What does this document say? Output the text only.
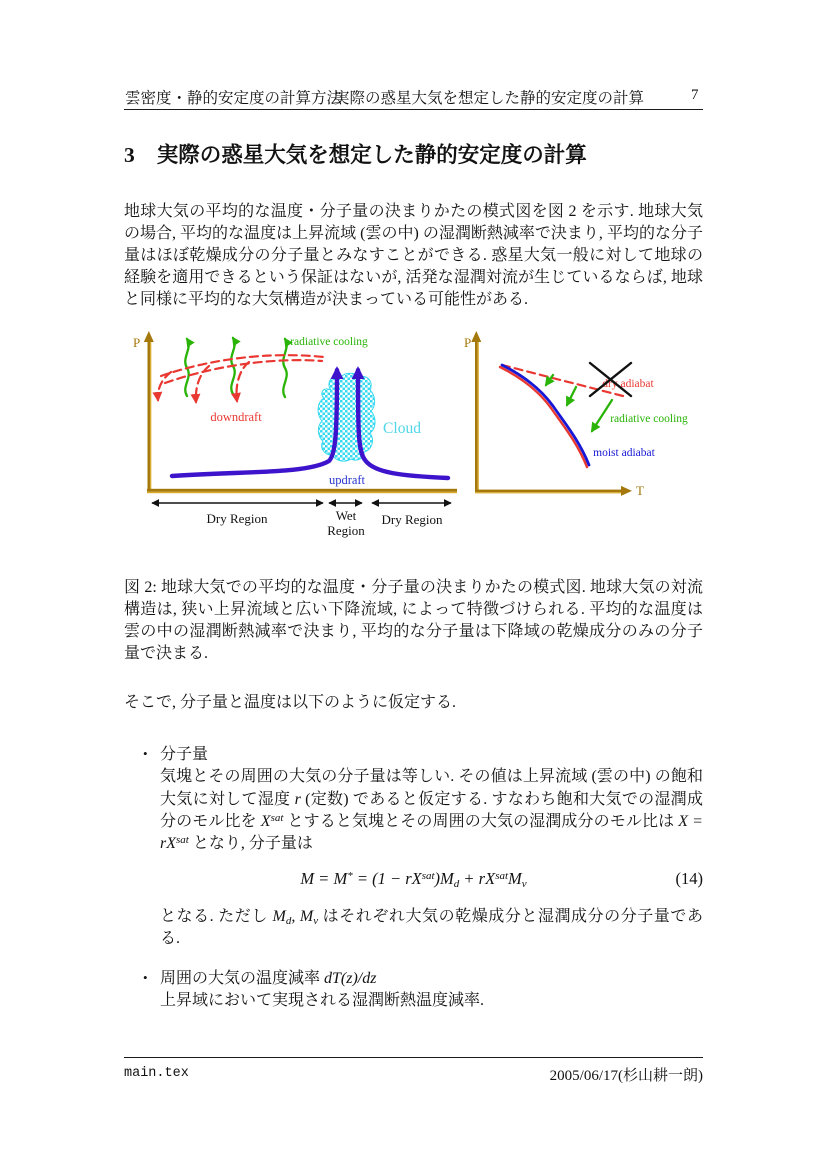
雲密度・静的安定度の計算方法
実際の惑星大気を想定した静的安定度の計算	7
3 実際の惑星大気を想定した静的安定度の計算
地球大気の平均的な温度・分子量の決まりかたの模式図を図 2 を示す. 地球大気の場合, 平均的な温度は上昇流域 (雲の中) の湿潤断熱減率で決まり, 平均的な分子量はほぼ乾燥成分の分子量とみなすことができる. 惑星大気一般に対して地球の経験を適用できるという保証はないが, 活発な湿潤対流が生じているならば, 地球と同様に平均的な大気構造が決まっている可能性がある.
P	radiative cooling
downdraft
Cloud
updraft
Dry Region	Wet
Region
Dry Region
P
T
dry adiabat
moist adiabat
radiative cooling
図 2: 地球大気での平均的な温度・分子量の決まりかたの模式図. 地球大気の対流構造は, 狭い上昇流域と広い下降流域, によって特徴づけられる. 平均的な温度は雲の中の湿潤断熱減率で決まり, 平均的な分子量は下降域の乾燥成分のみの分子量で決まる.
そこで, 分子量と温度は以下のように仮定する.
• 分子量
気塊とその周囲の大気の分子量は等しい. その値は上昇流域 (雲の中) の飽和大気に対して湿度 r (定数) であると仮定する. すなわち飽和大気での湿潤成分のモル比を $X^{sat}$ とすると気塊とその周囲の大気の湿潤成分のモル比は $X = rX^{sat}$ となり, 分子量は
$M = M^* = (1 - rX^{sat})M_d + rX^{sat}M_v$	(14)
となる. ただし $M_d$, $M_v$ はそれぞれ大気の乾燥成分と湿潤成分の分子量である.
• 周囲の大気の温度減率 dT(z)/dz
上昇域において実現される湿潤断熱温度減率.
main.tex	2005/06/17(杉山耕一朗)
